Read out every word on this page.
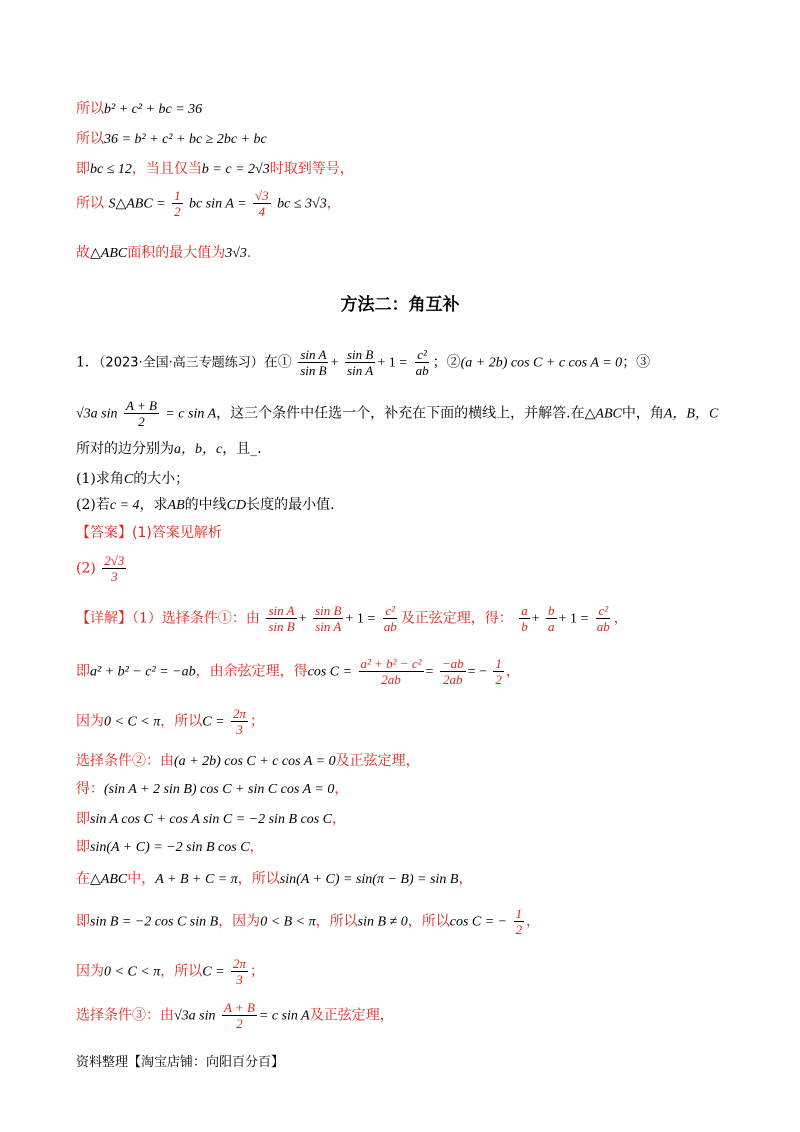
所以b² + c² + bc = 36
所以36 = b² + c² + bc ≥ 2bc + bc
即bc ≤ 12，当且仅当b = c = 2√3时取到等号，
所以 S△ABC = $\frac{1}{2}$ bc $\sin A = \frac{√3}{4}$ bc ≤ 3√3，
故△ABC面积的最大值为3√3.
方法二：角互补
1．（2023·全国·高三专题练习）在① $\frac{\text{sin A}}{\text{sin B}} + \frac{\text{sin B}}{\text{sin A}} + 1 = \frac{\text{c²}}{ab}$ ；②(a + 2b) cos C + c cos A = 0；③
√3a $\sin \frac{A + B}{2} = c$ sin A，这三个条件中任选一个，补充在下面的横线上，并解答.在△ABC中，角A，B，C
所对的边分别为a，b，c，且_.
(1)求角C的大小；
(2)若c = 4，求AB的中线CD长度的最小值.
【答案】(1)答案见解析
$(2) \frac{2√3}{3}$
【详解】（1）选择条件①：由 $\frac{\text{sin A}}{\text{sin B}} + \frac{\text{sin B}}{\text{sin A}} + 1 = \frac{\text{c²}}{ab}$ 及正弦定理，得： $\frac{a}{b} + \frac{b}{a} + 1 = \frac{\text{c²}}{ab}$ ，
即a² + b² − c² = −ab，由余弦定理，得$\cos C = \frac{\text{a² + b² − c²}}{2ab} = \frac{-ab}{2ab}$ = − $\frac{1}{2}$ ，
因为0 < C < π，所以$C = \frac{2\pi}{3}$ ；
选择条件②：由(a + 2b) cos C + c cos A = 0及正弦定理，
得：(sin A + 2 sin B) cos C + sin C cos A = 0，
即sin A cos C + cos A sin C = −2 sin B cos C，
即sin(A + C) = −2 sin B cos C，
在△ABC中，A + B + C = π，所以sin(A + C) = sin(π − B) = sin B，
即sin B = −2 cos C sin B，因为0 < B < π，所以sin B ≠ 0，所以cos C = − $\frac{1}{2}$ ，
因为0 < C < π，所以$C = \frac{2\pi}{3}$ ；
选择条件③：由√3a $\sin \frac{A + B}{2} = c$ sin A及正弦定理，
资料整理【淘宝店铺：向阳百分百】
